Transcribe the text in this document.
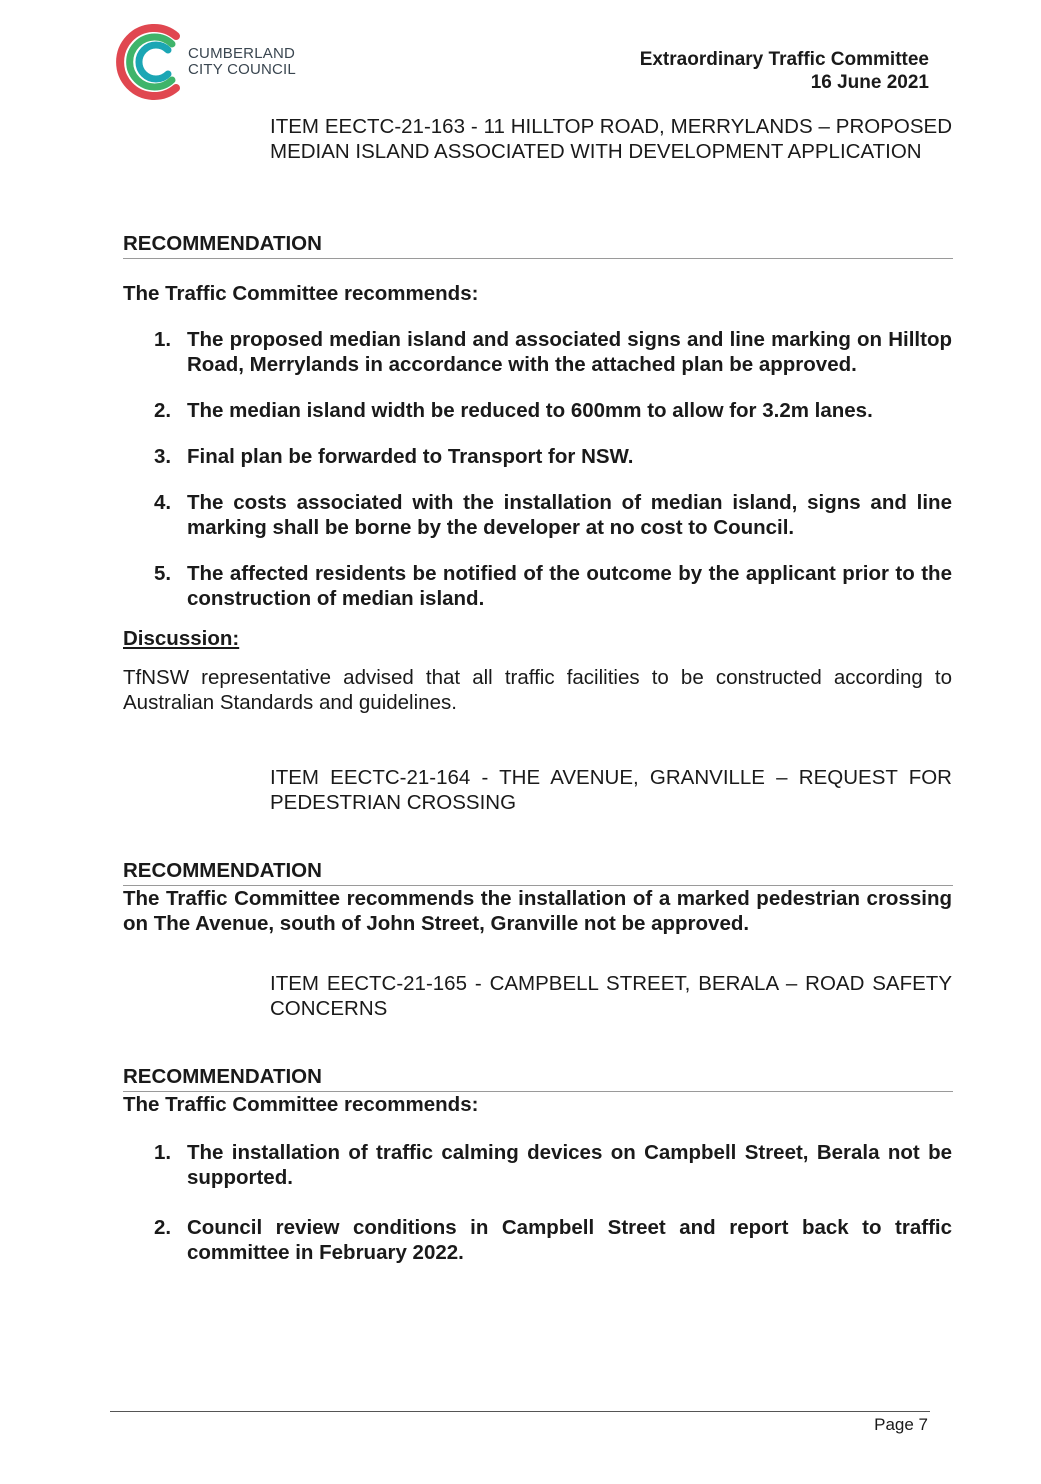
CUMBERLAND
CITY COUNCIL	Extraordinary Traffic Committee
16 June 2021
ITEM EECTC-21-163 - 11 HILLTOP ROAD, MERRYLANDS – PROPOSED MEDIAN ISLAND ASSOCIATED WITH DEVELOPMENT APPLICATION
RECOMMENDATION
The Traffic Committee recommends:
1. The proposed median island and associated signs and line marking on Hilltop Road, Merrylands in accordance with the attached plan be approved.
2. The median island width be reduced to 600mm to allow for 3.2m lanes.
3. Final plan be forwarded to Transport for NSW.
4. The costs associated with the installation of median island, signs and line marking shall be borne by the developer at no cost to Council.
5. The affected residents be notified of the outcome by the applicant prior to the construction of median island.
Discussion:
TfNSW representative advised that all traffic facilities to be constructed according to Australian Standards and guidelines.
ITEM EECTC-21-164 - THE AVENUE, GRANVILLE – REQUEST FOR PEDESTRIAN CROSSING
RECOMMENDATION
The Traffic Committee recommends the installation of a marked pedestrian crossing on The Avenue, south of John Street, Granville not be approved.
ITEM EECTC-21-165 - CAMPBELL STREET, BERALA – ROAD SAFETY CONCERNS
RECOMMENDATION
The Traffic Committee recommends:
1. The installation of traffic calming devices on Campbell Street, Berala not be supported.
2. Council review conditions in Campbell Street and report back to traffic committee in February 2022.
Page 7
